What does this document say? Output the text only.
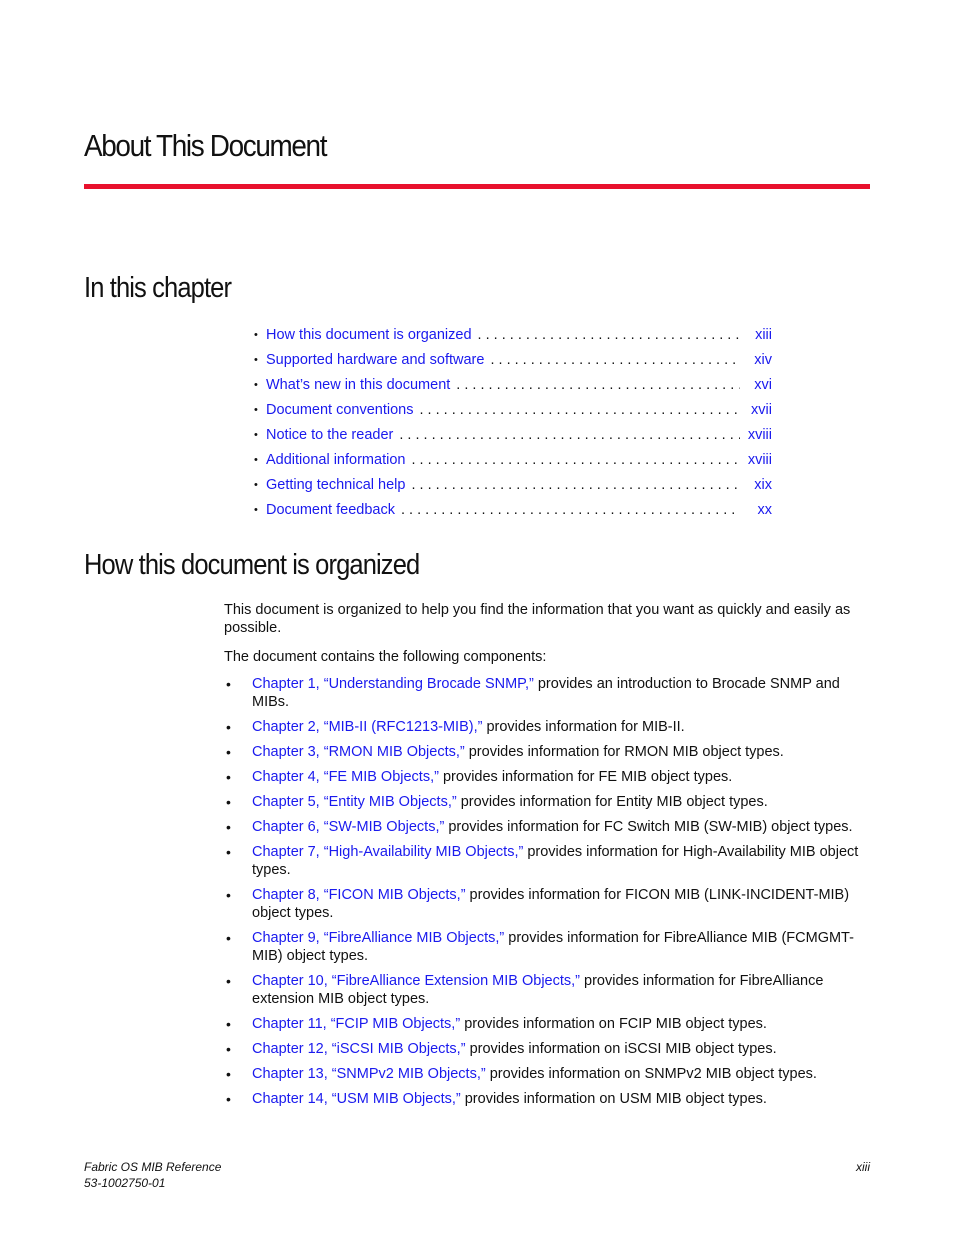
About This Document
In this chapter
• How this document is organized . . .	xiii
• Supported hardware and software . . .	xiv
• What’s new in this document . . .	xvi
• Document conventions . . .	xvii
• Notice to the reader . . .	xviii
• Additional information . . .	xviii
• Getting technical help . . .	xix
• Document feedback . . .	xx
How this document is organized
This document is organized to help you find the information that you want as quickly and easily as possible.
The document contains the following components:
• Chapter 1, “Understanding Brocade SNMP,” provides an introduction to Brocade SNMP and MIBs.
• Chapter 2, “MIB-II (RFC1213-MIB),” provides information for MIB-II.
• Chapter 3, “RMON MIB Objects,” provides information for RMON MIB object types.
• Chapter 4, “FE MIB Objects,” provides information for FE MIB object types.
• Chapter 5, “Entity MIB Objects,” provides information for Entity MIB object types.
• Chapter 6, “SW-MIB Objects,” provides information for FC Switch MIB (SW-MIB) object types.
• Chapter 7, “High-Availability MIB Objects,” provides information for High-Availability MIB object types.
• Chapter 8, “FICON MIB Objects,” provides information for FICON MIB (LINK-INCIDENT-MIB) object types.
• Chapter 9, “FibreAlliance MIB Objects,” provides information for FibreAlliance MIB (FCMGMT-MIB) object types.
• Chapter 10, “FibreAlliance Extension MIB Objects,” provides information for FibreAlliance extension MIB object types.
• Chapter 11, “FCIP MIB Objects,” provides information on FCIP MIB object types.
• Chapter 12, “iSCSI MIB Objects,” provides information on iSCSI MIB object types.
• Chapter 13, “SNMPv2 MIB Objects,” provides information on SNMPv2 MIB object types.
• Chapter 14, “USM MIB Objects,” provides information on USM MIB object types.
Fabric OS MIB Reference
53-1002750-01
xiii
